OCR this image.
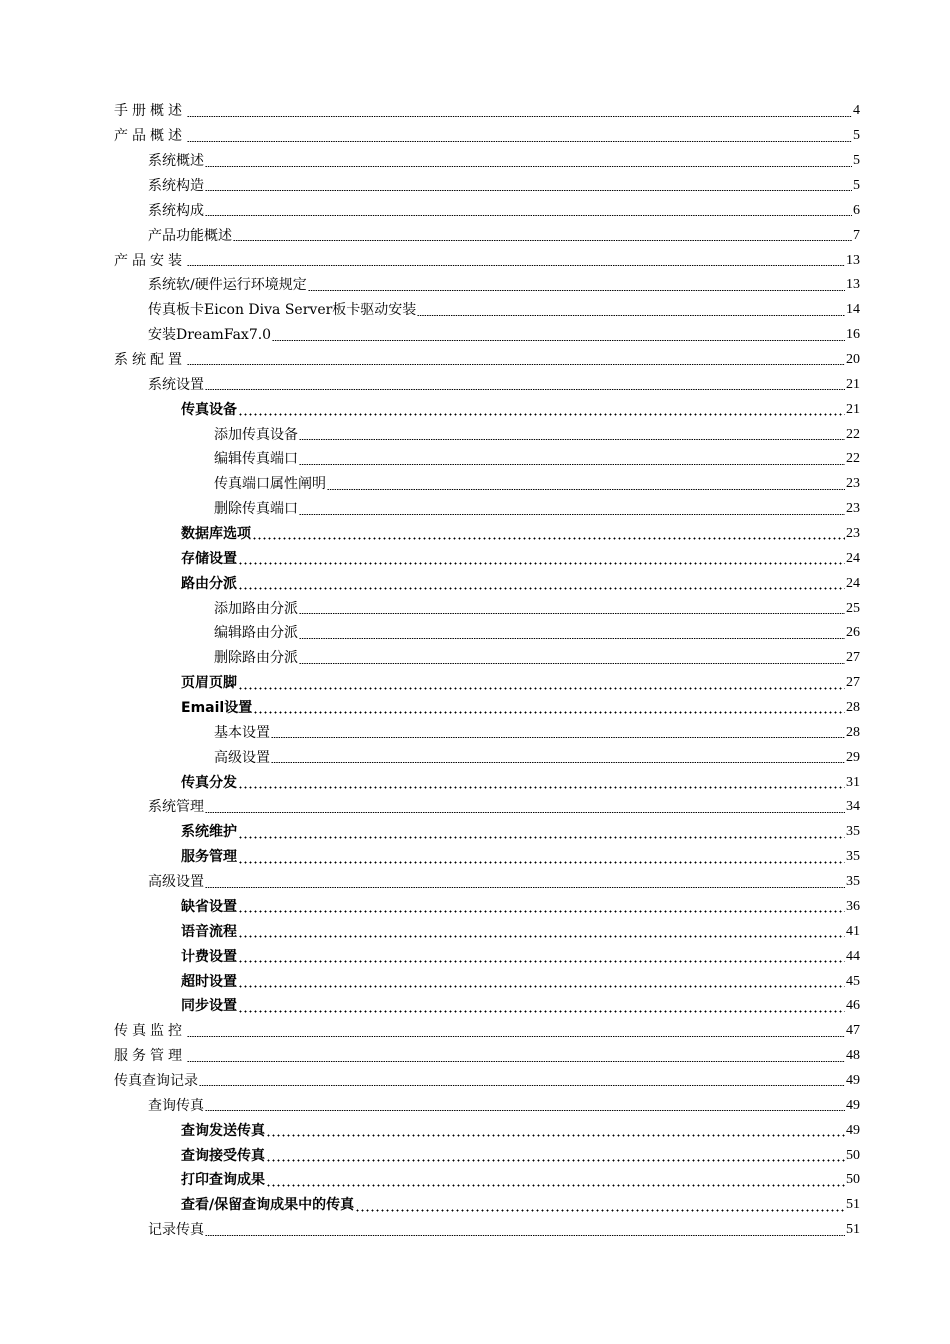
手册概述	4
产品概述	5
系统概述	5
系统构造	5
系统构成	6
产品功能概述	7
产品安装	13
系统软/硬件运行环境规定	13
传真板卡Eicon Diva Server板卡驱动安装	14
安装DreamFax7.0	16
系统配置	20
系统设置	21
传真设备	21
添加传真设备	22
编辑传真端口	22
传真端口属性阐明	23
删除传真端口	23
数据库选项	23
存储设置	24
路由分派	24
添加路由分派	25
编辑路由分派	26
删除路由分派	27
页眉页脚	27
Email设置	28
基本设置	28
高级设置	29
传真分发	31
系统管理	34
系统维护	35
服务管理	35
高级设置	35
缺省设置	36
语音流程	41
计费设置	44
超时设置	45
同步设置	46
传真监控	47
服务管理	48
传真查询记录	49
查询传真	49
查询发送传真	49
查询接受传真	50
打印查询成果	50
查看/保留查询成果中的传真	51
记录传真	51
